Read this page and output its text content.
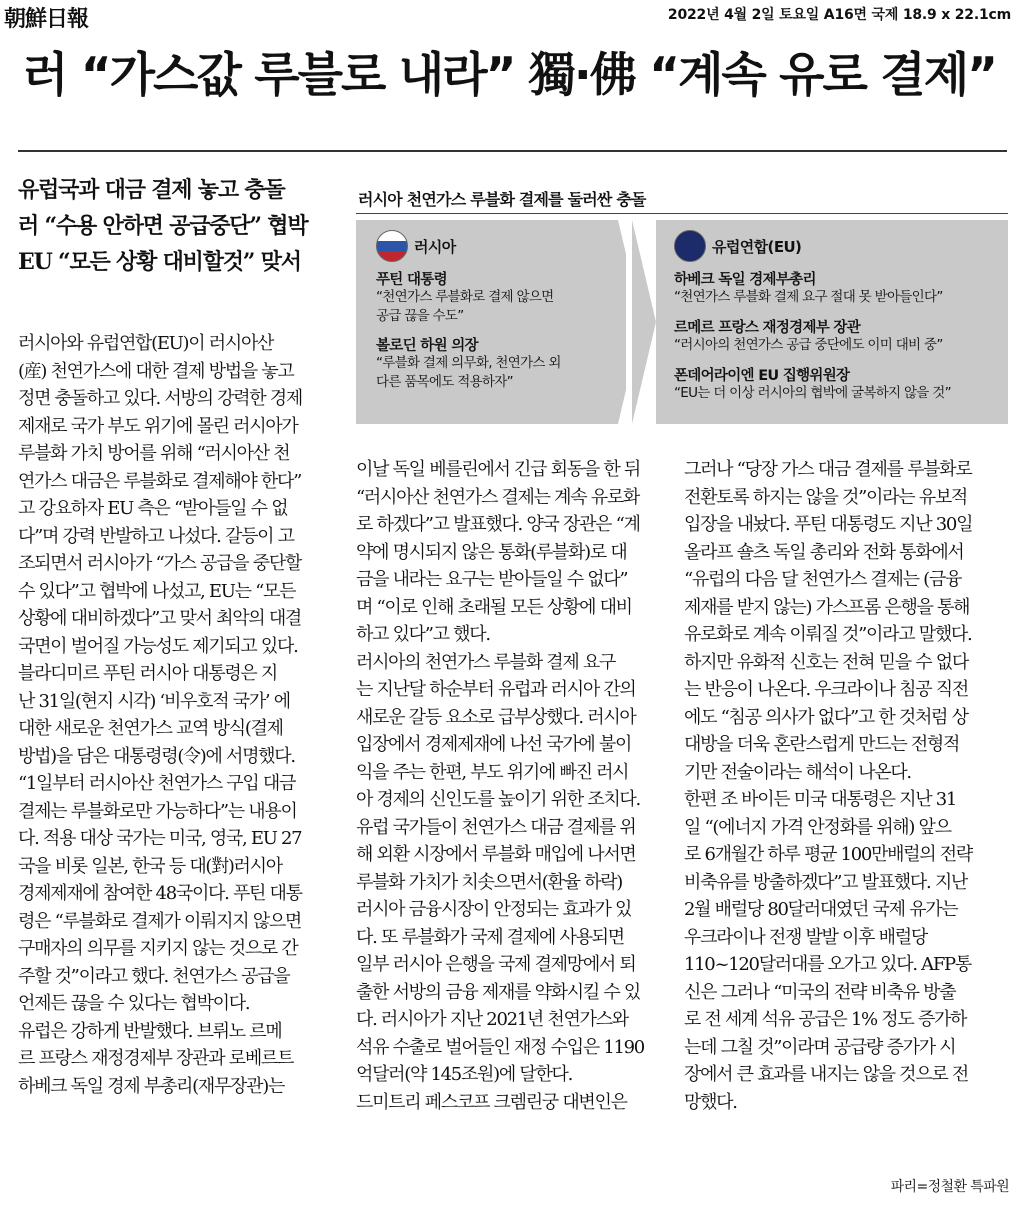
朝鮮日報	2022년 4월 2일 토요일 A16면 국제 18.9 x 22.1cm
러 “가스값 루블로 내라” 獨·佛 “계속 유로 결제”
유럽국과 대금 결제 놓고 충돌
러 “수용 안하면 공급중단” 협박
EU “모든 상황 대비할것” 맞서
러시아 천연가스 루블화 결제를 둘러싼 충돌
러시아
푸틴 대통령
“천연가스 루블화로 결제 않으면
공급 끊을 수도”
볼로딘 하원 의장
“루블화 결제 의무화, 천연가스 외
다른 품목에도 적용하자”
유럽연합(EU)
하베크 독일 경제부총리
“천연가스 루블화 결제 요구 절대 못 받아들인다”
르메르 프랑스 재정경제부 장관
“러시아의 천연가스 공급 중단에도 이미 대비 중”
폰데어라이엔 EU 집행위원장
“EU는 더 이상 러시아의 협박에 굴복하지 않을 것”
러시아와 유럽연합(EU)이 러시아산
(産) 천연가스에 대한 결제 방법을 놓고
정면 충돌하고 있다. 서방의 강력한 경제
제재로 국가 부도 위기에 몰린 러시아가
루블화 가치 방어를 위해 “러시아산 천
연가스 대금은 루블화로 결제해야 한다”
고 강요하자 EU 측은 “받아들일 수 없
다”며 강력 반발하고 나섰다. 갈등이 고
조되면서 러시아가 “가스 공급을 중단할
수 있다”고 협박에 나섰고, EU는 “모든
상황에 대비하겠다”고 맞서 최악의 대결
국면이 벌어질 가능성도 제기되고 있다.
블라디미르 푸틴 러시아 대통령은 지
난 31일(현지 시각) ‘비우호적 국가’ 에
대한 새로운 천연가스 교역 방식(결제
방법)을 담은 대통령령(令)에 서명했다.
“1일부터 러시아산 천연가스 구입 대금
결제는 루블화로만 가능하다”는 내용이
다. 적용 대상 국가는 미국, 영국, EU 27
국을 비롯 일본, 한국 등 대(對)러시아
경제제재에 참여한 48국이다. 푸틴 대통
령은 “루블화로 결제가 이뤄지지 않으면
구매자의 의무를 지키지 않는 것으로 간
주할 것”이라고 했다. 천연가스 공급을
언제든 끊을 수 있다는 협박이다.
유럽은 강하게 반발했다. 브뤼노 르메
르 프랑스 재정경제부 장관과 로베르트
하베크 독일 경제 부총리(재무장관)는
이날 독일 베를린에서 긴급 회동을 한 뒤
“러시아산 천연가스 결제는 계속 유로화
로 하겠다”고 발표했다. 양국 장관은 “계
약에 명시되지 않은 통화(루블화)로 대
금을 내라는 요구는 받아들일 수 없다”
며 “이로 인해 초래될 모든 상황에 대비
하고 있다”고 했다.
러시아의 천연가스 루블화 결제 요구
는 지난달 하순부터 유럽과 러시아 간의
새로운 갈등 요소로 급부상했다. 러시아
입장에서 경제제재에 나선 국가에 불이
익을 주는 한편, 부도 위기에 빠진 러시
아 경제의 신인도를 높이기 위한 조치다.
유럽 국가들이 천연가스 대금 결제를 위
해 외환 시장에서 루블화 매입에 나서면
루블화 가치가 치솟으면서(환율 하락)
러시아 금융시장이 안정되는 효과가 있
다. 또 루블화가 국제 결제에 사용되면
일부 러시아 은행을 국제 결제망에서 퇴
출한 서방의 금융 제재를 약화시킬 수 있
다. 러시아가 지난 2021년 천연가스와
석유 수출로 벌어들인 재정 수입은 1190
억달러(약 145조원)에 달한다.
드미트리 페스코프 크렘린궁 대변인은
그러나 “당장 가스 대금 결제를 루블화로
전환토록 하지는 않을 것”이라는 유보적
입장을 내놨다. 푸틴 대통령도 지난 30일
올라프 숄츠 독일 총리와 전화 통화에서
“유럽의 다음 달 천연가스 결제는 (금융
제재를 받지 않는) 가스프롬 은행을 통해
유로화로 계속 이뤄질 것”이라고 말했다.
하지만 유화적 신호는 전혀 믿을 수 없다
는 반응이 나온다. 우크라이나 침공 직전
에도 “침공 의사가 없다”고 한 것처럼 상
대방을 더욱 혼란스럽게 만드는 전형적
기만 전술이라는 해석이 나온다.
한편 조 바이든 미국 대통령은 지난 31
일 “(에너지 가격 안정화를 위해) 앞으
로 6개월간 하루 평균 100만배럴의 전략
비축유를 방출하겠다”고 발표했다. 지난
2월 배럴당 80달러대였던 국제 유가는
우크라이나 전쟁 발발 이후 배럴당
110~120달러대를 오가고 있다. AFP통
신은 그러나 “미국의 전략 비축유 방출
로 전 세계 석유 공급은 1% 정도 증가하
는데 그칠 것”이라며 공급량 증가가 시
장에서 큰 효과를 내지는 않을 것으로 전
망했다.
파리=정철환 특파원
